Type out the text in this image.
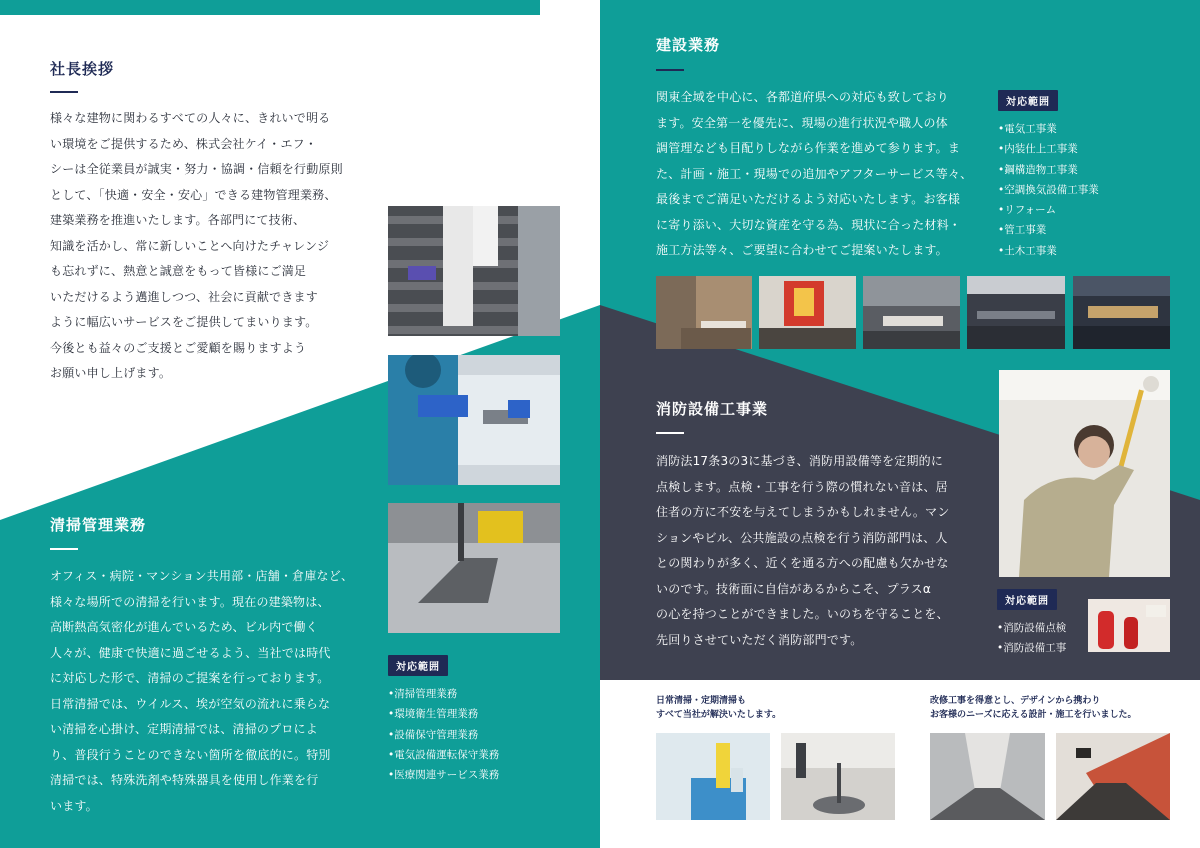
社長挨拶

様々な建物に関わるすべての人々に、きれいで明る

い環境をご提供するため、株式会社ケイ・エフ・

シーは全従業員が誠実・努力・協調・信頼を行動原則

として、「快適・安全・安心」できる建物管理業務、

建築業務を推進いたします。各部門にて技術、

知識を活かし、常に新しいことへ向けたチャレンジ

も忘れずに、熱意と誠意をもって皆様にご満足

いただけるよう邁進しつつ、社会に貢献できます

ように幅広いサービスをご提供してまいります。

今後とも益々のご支援とご愛顧を賜りますよう

お願い申し上げます。

清掃管理業務

オフィス・病院・マンション共用部・店舗・倉庫など、

様々な場所での清掃を行います。現在の建築物は、

高断熱高気密化が進んでいるため、ビル内で働く

人々が、健康で快適に過ごせるよう、当社では時代

に対応した形で、清掃のご提案を行っております。

日常清掃では、ウイルス、埃が空気の流れに乗らな

い清掃を心掛け、定期清掃では、清掃のプロによ

り、普段行うことのできない箇所を徹底的に。特別

清掃では、特殊洗剤や特殊器具を使用し作業を行

います。

対応範囲
•清掃管理業務
•環境衛生管理業務
•設備保守管理業務
•電気設備運転保守業務
•医療関連サービス業務
建設業務

関東全域を中心に、各都道府県への対応も致しており

ます。安全第一を優先に、現場の進行状況や職人の体

調管理なども目配りしながら作業を進めて参ります。ま

た、計画・施工・現場での追加やアフターサービス等々、

最後までご満足いただけるよう対応いたします。お客様

に寄り添い、大切な資産を守る為、現状に合った材料・

施工方法等々、ご要望に合わせてご提案いたします。

対応範囲
•電気工事業
•内装仕上工事業
•鋼構造物工事業
•空調換気設備工事業
•リフォーム
•管工事業
•土木工事業
消防設備工事業

消防法17条3の3に基づき、消防用設備等を定期的に

点検します。点検・工事を行う際の慣れない音は、居

住者の方に不安を与えてしまうかもしれません。マン

ションやビル、公共施設の点検を行う消防部門は、人

との関わりが多く、近くを通る方への配慮も欠かせな

いのです。技術面に自信があるからこそ、プラスα

の心を持つことができました。いのちを守ることを、

先回りさせていただく消防部門です。

対応範囲
•消防設備点検
•消防設備工事
日常清掃・定期清掃も
すべて当社が解決いたします。
改修工事を得意とし、デザインから携わり
お客様のニーズに応える設計・施工を行いました。
